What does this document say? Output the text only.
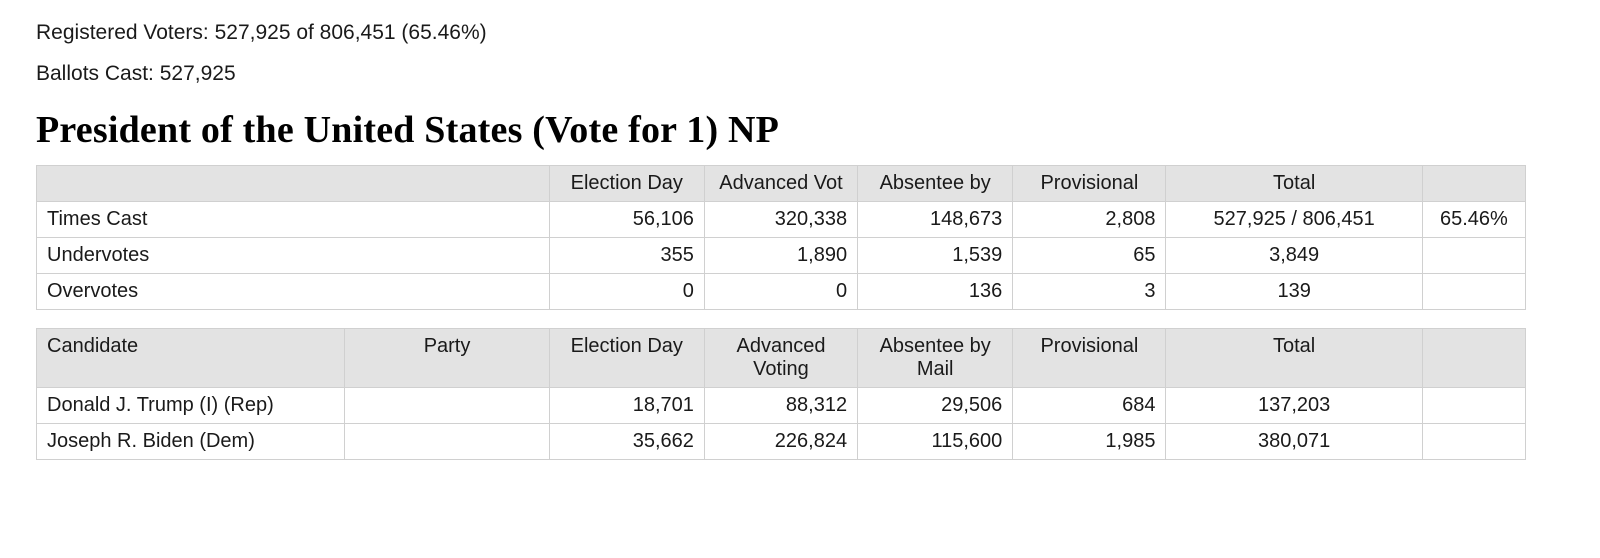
Registered Voters: 527,925 of 806,451 (65.46%)
Ballots Cast: 527,925
President of the United States (Vote for 1) NP
	Election Day	Advanced Vot	Absentee by	Provisional	Total	
Times Cast	56,106	320,338	148,673	2,808	527,925 / 806,451	65.46%
Undervotes	355	1,890	1,539	65	3,849	
Overvotes	0	0	136	3	139	
Candidate	Party	Election Day	Advanced Voting	Absentee by Mail	Provisional	Total	
Donald J. Trump (I) (Rep)		18,701	88,312	29,506	684	137,203	
Joseph R. Biden (Dem)		35,662	226,824	115,600	1,985	380,071	
